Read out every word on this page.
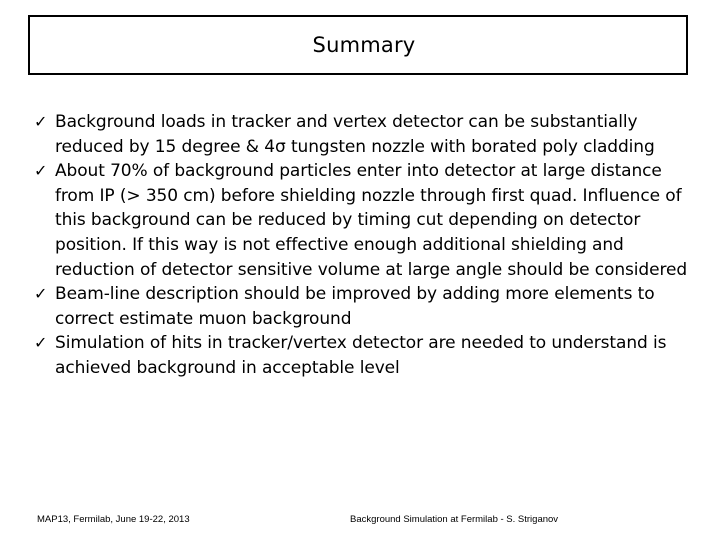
Summary
✓ Background loads in tracker and vertex detector can be substantially reduced by 15 degree & 4σ tungsten nozzle with borated poly cladding
✓ About 70% of background particles enter into detector at large distance from IP (> 350 cm) before shielding nozzle through first quad. Influence of this background can be reduced by timing cut depending on detector position. If this way is not effective enough additional shielding and reduction of detector sensitive volume at large angle should be considered
✓ Beam-line description should be improved by adding more elements to correct estimate muon background
✓ Simulation of hits in tracker/vertex detector are needed to understand is achieved background in acceptable level
MAP13, Fermilab, June 19-22, 2013	Background Simulation at Fermilab - S. Striganov
